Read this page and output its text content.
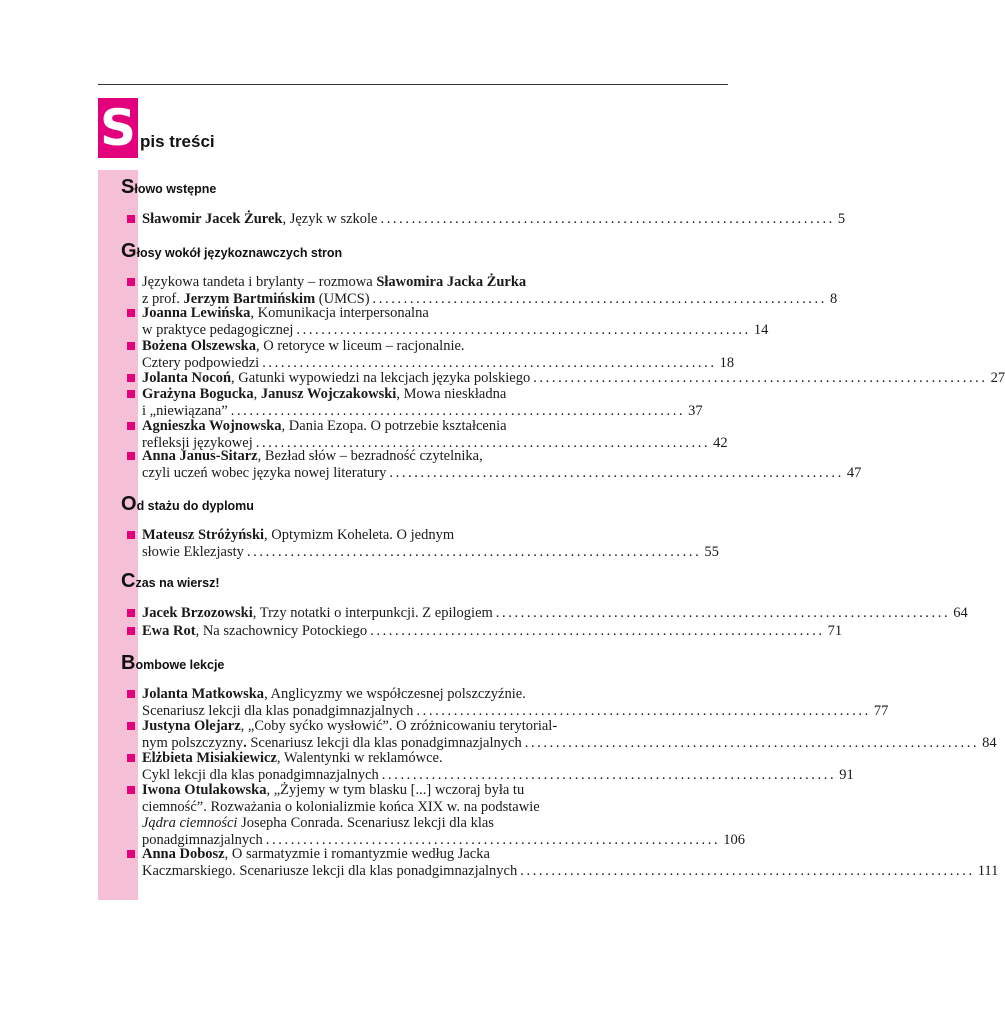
S pis treści
Słowo wstępne
Sławomir Jacek Żurek, Język w szkole ......................................................................... 5
Głosy wokół językoznawczych stron
Językowa tandeta i brylanty – rozmowa Sławomira Jacka Żurka
z prof. Jerzym Bartmińskim (UMCS) ......................................................................... 8
Joanna Lewińska, Komunikacja interpersonalna
w praktyce pedagogicznej ......................................................................... 14
Bożena Olszewska, O retoryce w liceum – racjonalnie.
Cztery podpowiedzi ......................................................................... 18
Jolanta Nocoń, Gatunki wypowiedzi na lekcjach języka polskiego ......................................................................... 27
Grażyna Bogucka, Janusz Wojczakowski, Mowa nieskładna
i „niewiązana” ......................................................................... 37
Agnieszka Wojnowska, Dania Ezopa. O potrzebie kształcenia
refleksji językowej ......................................................................... 42
Anna Janus-Sitarz, Bezład słów – bezradność czytelnika,
czyli uczeń wobec języka nowej literatury ......................................................................... 47
Od stażu do dyplomu
Mateusz Stróżyński, Optymizm Koheleta. O jednym
słowie Eklezjasty ......................................................................... 55
Czas na wiersz!
Jacek Brzozowski, Trzy notatki o interpunkcji. Z epilogiem ......................................................................... 64
Ewa Rot, Na szachownicy Potockiego ......................................................................... 71
Bombowe lekcje
Jolanta Matkowska, Anglicyzmy we współczesnej polszczyźnie.
Scenariusz lekcji dla klas ponadgimnazjalnych ......................................................................... 77
Justyna Olejarz, „Coby syćko wysłowić”. O zróżnicowaniu terytorial-
nym polszczyzny. Scenariusz lekcji dla klas ponadgimnazjalnych ......................................................................... 84
Elżbieta Misiakiewicz, Walentynki w reklamówce.
Cykl lekcji dla klas ponadgimnazjalnych ......................................................................... 91
Iwona Otulakowska, „Żyjemy w tym blasku [...] wczoraj była tu
ciemność”. Rozważania o kolonializmie końca XIX w. na podstawie
Jądra ciemności Josepha Conrada. Scenariusz lekcji dla klas
ponadgimnazjalnych ......................................................................... 106
Anna Dobosz, O sarmatyzmie i romantyzmie według Jacka
Kaczmarskiego. Scenariusze lekcji dla klas ponadgimnazjalnych ......................................................................... 111
